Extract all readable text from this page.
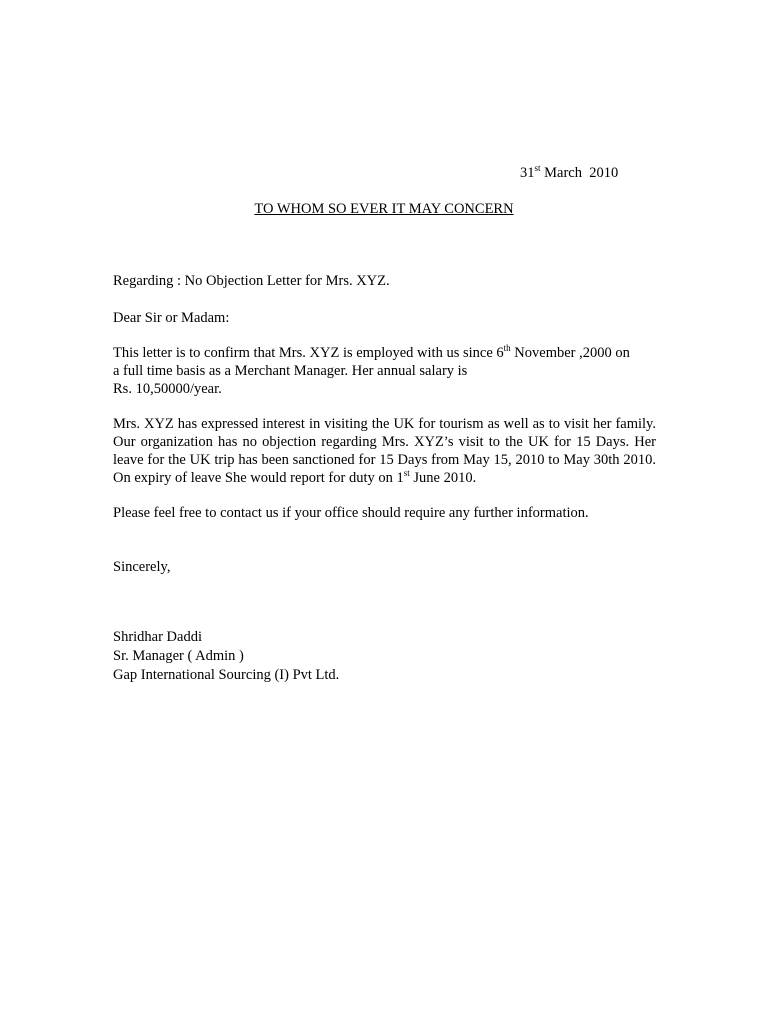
31st March  2010
TO WHOM SO EVER IT MAY CONCERN
Regarding : No Objection Letter for Mrs. XYZ.
Dear Sir or Madam:
This letter is to confirm that Mrs. XYZ is employed with us since 6th November ,2000 on
a full time basis as a Merchant Manager. Her annual salary is
Rs. 10,50000/year.
Mrs. XYZ has expressed interest in visiting the UK for tourism as well as to visit her family. Our organization has no objection regarding Mrs. XYZ’s visit to the UK for 15 Days. Her leave for the UK trip has been sanctioned for 15 Days from May 15, 2010 to May 30th 2010. On expiry of leave She would report for duty on 1st June 2010.
Please feel free to contact us if your office should require any further information.
Sincerely,
Shridhar Daddi
Sr. Manager ( Admin )
Gap International Sourcing (I) Pvt Ltd.
